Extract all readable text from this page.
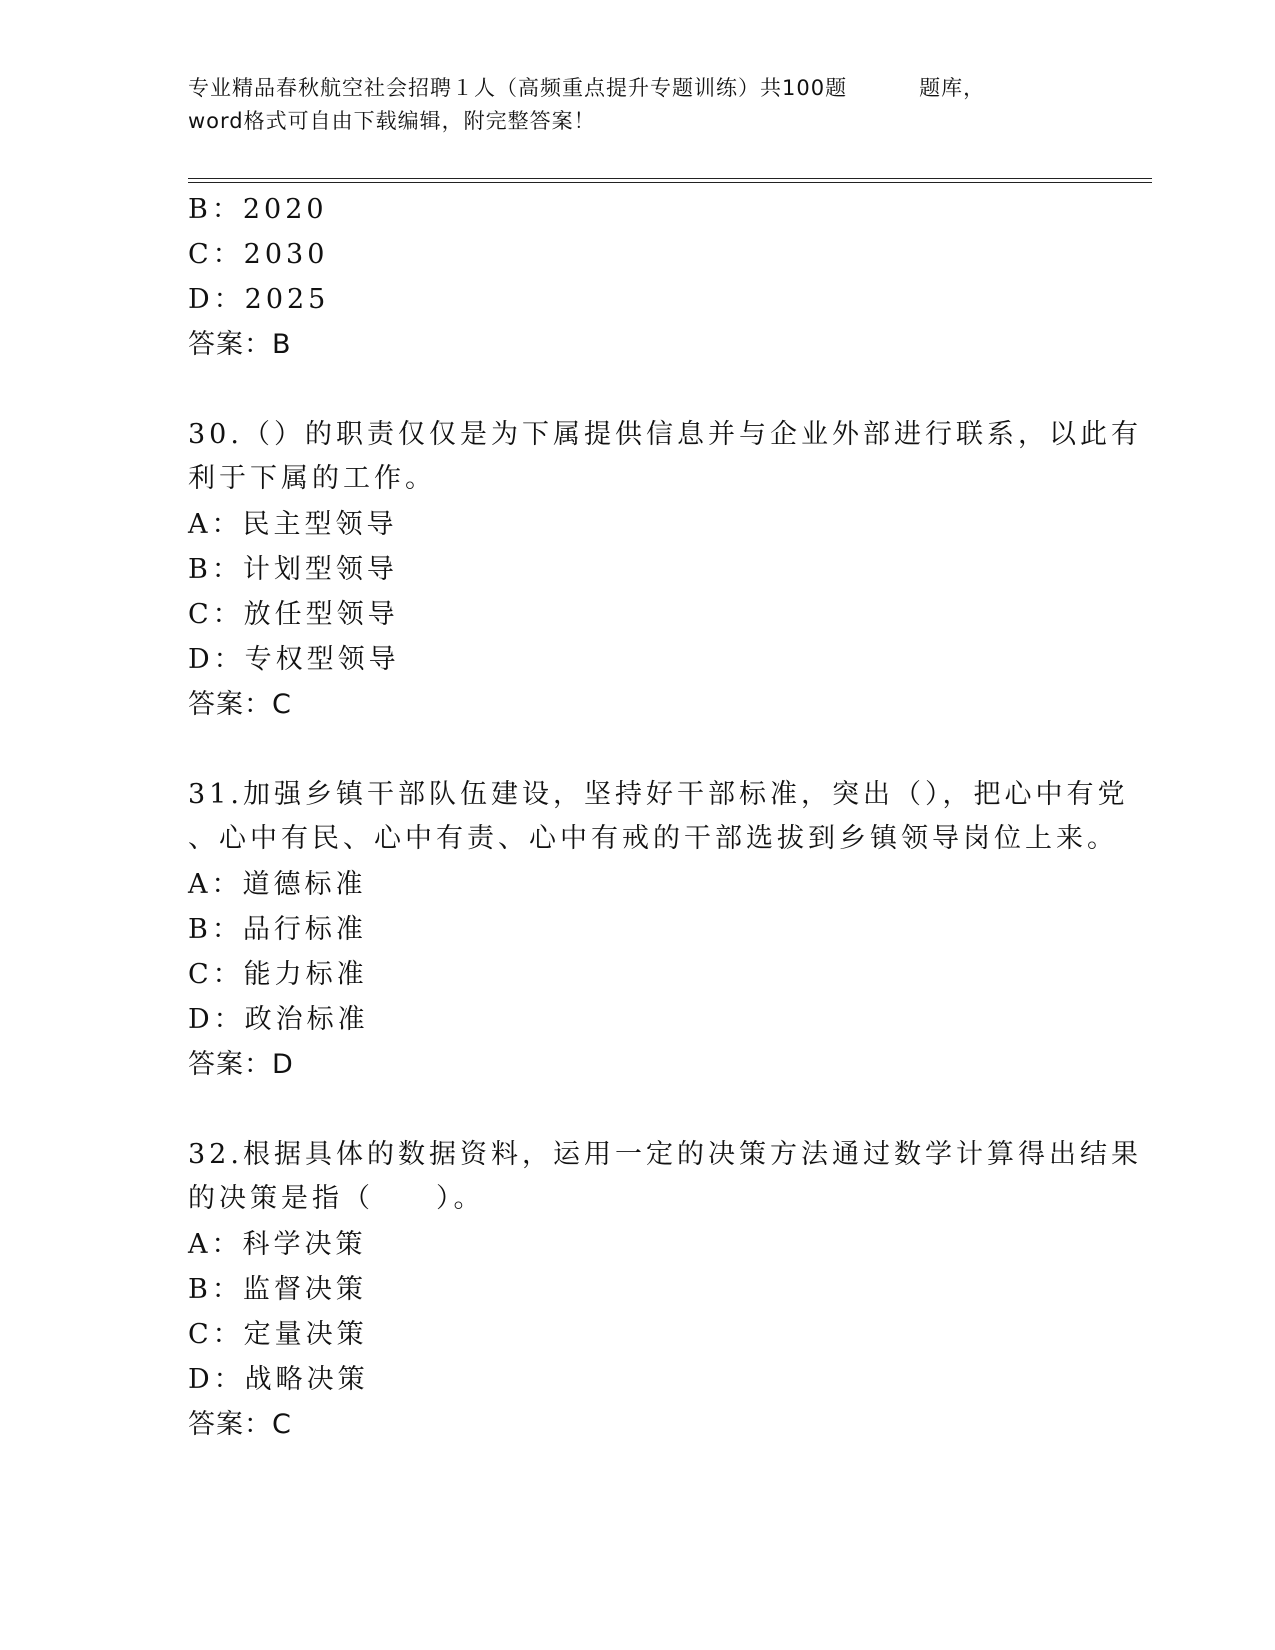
专业精品春秋航空社会招聘１人（高频重点提升专题训练）共100题	题库，
word格式可自由下载编辑，附完整答案！
B：2020
C：2030
D：2025
答案：B
30.（）的职责仅仅是为下属提供信息并与企业外部进行联系，以此有
利于下属的工作。
A：民主型领导
B：计划型领导
C：放任型领导
D：专权型领导
答案：C
31.加强乡镇干部队伍建设，坚持好干部标准，突出（），把心中有党
、心中有民、心中有责、心中有戒的干部选拔到乡镇领导岗位上来。
A：道德标准
B：品行标准
C：能力标准
D：政治标准
答案：D
32.根据具体的数据资料，运用一定的决策方法通过数学计算得出结果
的决策是指（　　）。
A：科学决策
B：监督决策
C：定量决策
D：战略决策
答案：C
